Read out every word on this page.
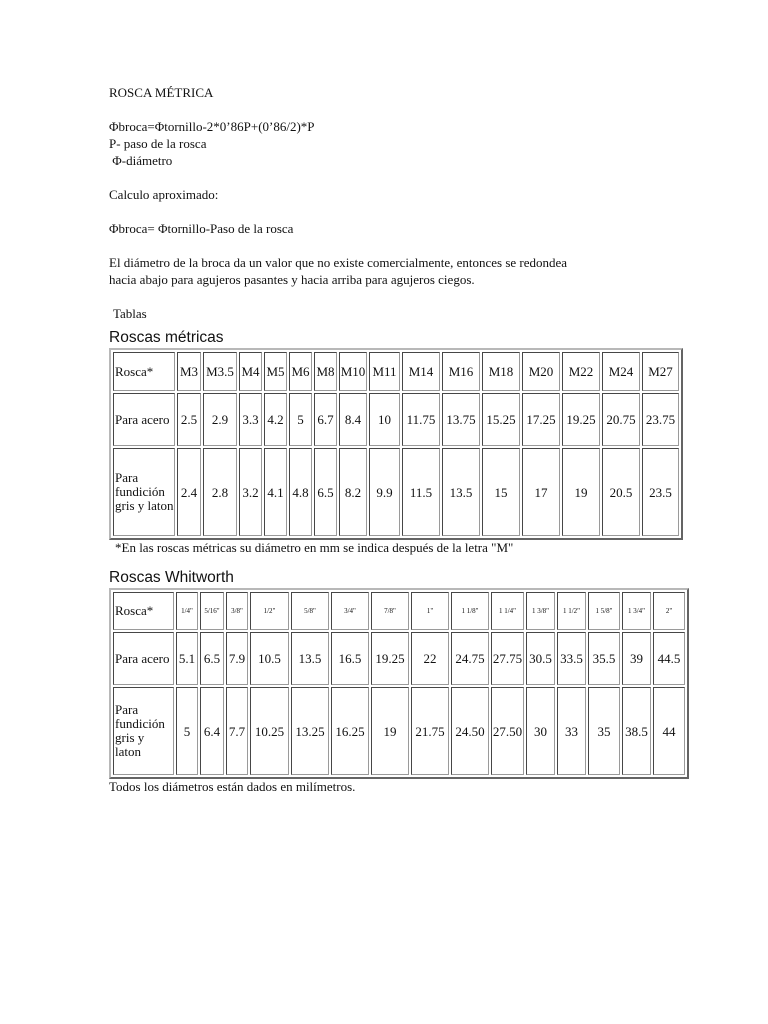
ROSCA MÉTRICA
Φbroca=Φtornillo-2*0’86P+(0’86/2)*P
P- paso de la rosca
Φ-diámetro
Calculo aproximado:
Φbroca= Φtornillo-Paso de la rosca
El diámetro de la broca da un valor que no existe comercialmente, entonces se redondea
hacia abajo para agujeros pasantes y hacia arriba para agujeros ciegos.
Tablas
Roscas métricas
Rosca*	M3	M3.5	M4	M5	M6	M8	M10	M11	M14	M16	M18	M20	M22	M24	M27
Para acero	2.5	2.9	3.3	4.2	5	6.7	8.4	10	11.75	13.75	15.25	17.25	19.25	20.75	23.75
Para fundición gris y laton	2.4	2.8	3.2	4.1	4.8	6.5	8.2	9.9	11.5	13.5	15	17	19	20.5	23.5
*En las roscas métricas su diámetro en mm se indica después de la letra "M"
Roscas Whitworth
Rosca*	1/4"	5/16"	3/8"	1/2"	5/8"	3/4"	7/8"	1"	1 1/8"	1 1/4"	1 3/8"	1 1/2"	1 5/8"	1 3/4"	2"
Para acero	5.1	6.5	7.9	10.5	13.5	16.5	19.25	22	24.75	27.75	30.5	33.5	35.5	39	44.5
Para fundición gris y laton	5	6.4	7.7	10.25	13.25	16.25	19	21.75	24.50	27.50	30	33	35	38.5	44
Todos los diámetros están dados en milímetros.
